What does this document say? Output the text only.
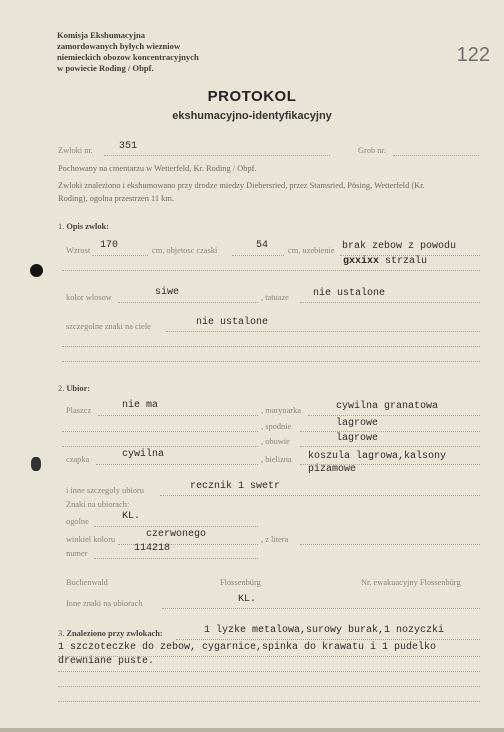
Komisja Ekshumacyjna
zamordowanych byłych wiezniow
niemieckich obozow koncentracyjnych
w powiecie Roding / Obpf.
122
PROTOKOL
ekshumacyjno-identyfikacyjny
Zwloki nr.	351	Grob nr.
Pochowany na cmentarzu w Wetterfeld, Kr. Roding / Obpf.
Zwloki znaleziono i ekshumowano przy drodze miedzy Diebersried, przez Stamsried, Pösing, Wetterfeld (Kr.
Roding), ogolna przestrzen 11 km.
1. Opis zwlok:
Wzrost 170	cm, objetosc czaski	54 cm, uzebienie brak zebow z powodu
gxxixx strzalu
kolor wlosow	siwe	, tatuaze nie ustalone
szczegolne znaki na ciele	nie ustalone
2. Ubior:
Plaszcz	nie ma	, marynarka	cywilna granatowa
, spodnie	lagrowe
, obuwie	lagrowe
czapka	cywilna	, bielizna koszula lagrowa,kalsony
pizamowe
i inne szczegoly ubioru	recznik 1 swetr
Znaki na ubiorach:
ogolne	KL.
winkiel koloru	czerwonego	, z litera
numer	114218
Buchenwald	Flossenbürg	Nr. ewakuacyjny Flossenbürg
Inne znaki na ubiorach	KL.
3. Znaleziono przy zwlokach:	1 lyzke metalowa,surowy burak,1 nozyczki
1 szczoteczke do zebow, cygarnice,spinka do krawatu i 1 pudelko
drewniane puste.
